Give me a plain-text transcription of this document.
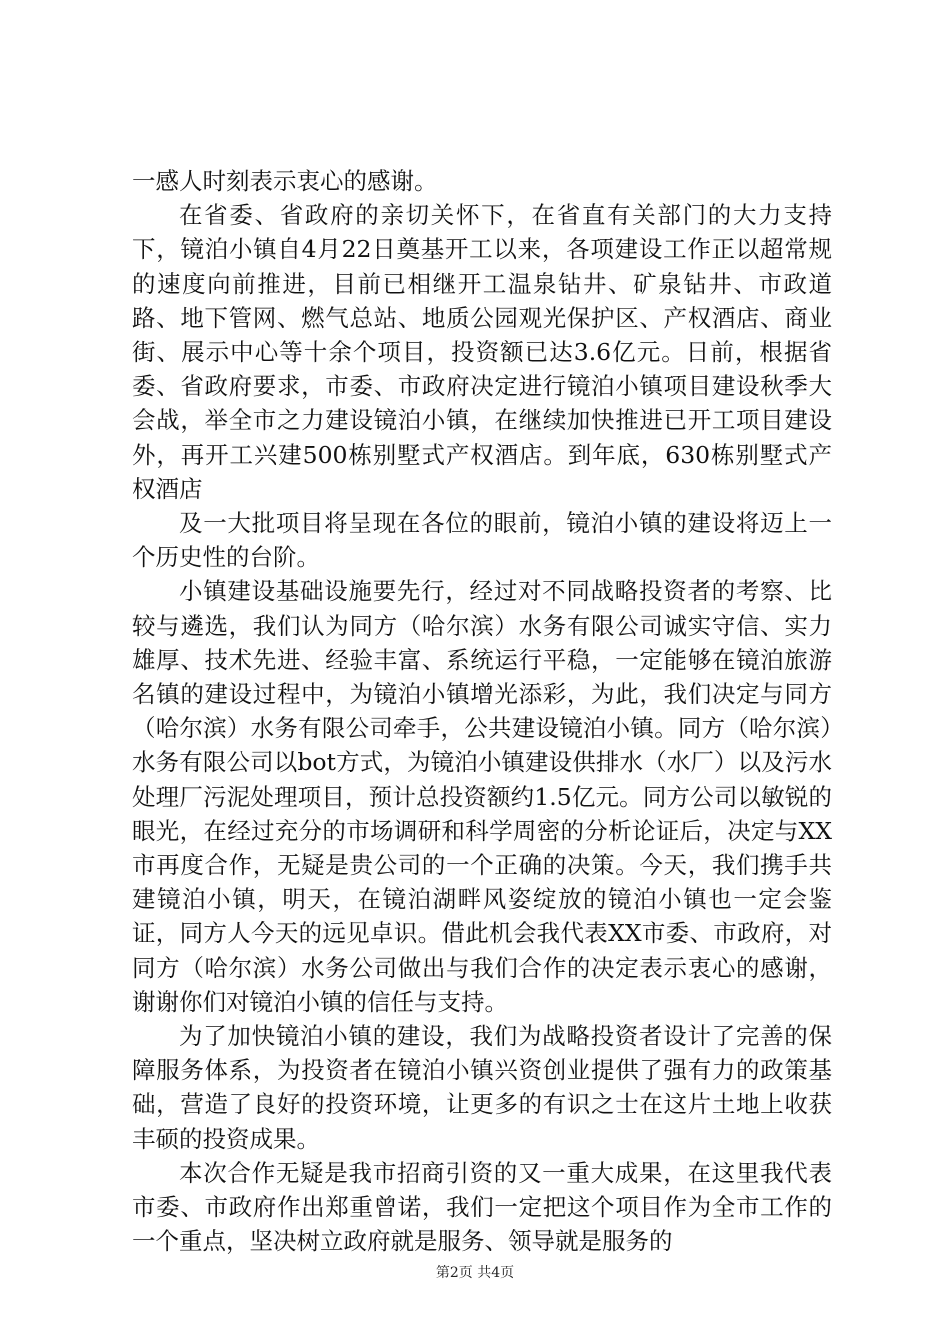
一感人时刻表示衷心的感谢。

在省委、省政府的亲切关怀下，在省直有关部门的大力支持下，镜泊小镇自4月22日奠基开工以来，各项建设工作正以超常规的速度向前推进，目前已相继开工温泉钻井、矿泉钻井、市政道路、地下管网、燃气总站、地质公园观光保护区、产权酒店、商业街、展示中心等十余个项目，投资额已达3.6亿元。日前，根据省委、省政府要求，市委、市政府决定进行镜泊小镇项目建设秋季大会战，举全市之力建设镜泊小镇，在继续加快推进已开工项目建设外，再开工兴建500栋别墅式产权酒店。到年底，630栋别墅式产权酒店

及一大批项目将呈现在各位的眼前，镜泊小镇的建设将迈上一个历史性的台阶。

小镇建设基础设施要先行，经过对不同战略投资者的考察、比较与遴选，我们认为同方（哈尔滨）水务有限公司诚实守信、实力雄厚、技术先进、经验丰富、系统运行平稳，一定能够在镜泊旅游名镇的建设过程中，为镜泊小镇增光添彩，为此，我们决定与同方（哈尔滨）水务有限公司牵手，公共建设镜泊小镇。同方（哈尔滨）水务有限公司以bot方式，为镜泊小镇建设供排水（水厂）以及污水处理厂污泥处理项目，预计总投资额约1.5亿元。同方公司以敏锐的眼光，在经过充分的市场调研和科学周密的分析论证后，决定与XX市再度合作，无疑是贵公司的一个正确的决策。今天，我们携手共建镜泊小镇，明天，在镜泊湖畔风姿绽放的镜泊小镇也一定会鉴证，同方人今天的远见卓识。借此机会我代表XX市委、市政府，对同方（哈尔滨）水务公司做出与我们合作的决定表示衷心的感谢，谢谢你们对镜泊小镇的信任与支持。

为了加快镜泊小镇的建设，我们为战略投资者设计了完善的保障服务体系，为投资者在镜泊小镇兴资创业提供了强有力的政策基础，营造了良好的投资环境，让更多的有识之士在这片土地上收获丰硕的投资成果。

本次合作无疑是我市招商引资的又一重大成果，在这里我代表市委、市政府作出郑重曾诺，我们一定把这个项目作为全市工作的一个重点，坚决树立政府就是服务、领导就是服务的

第2页 共4页
